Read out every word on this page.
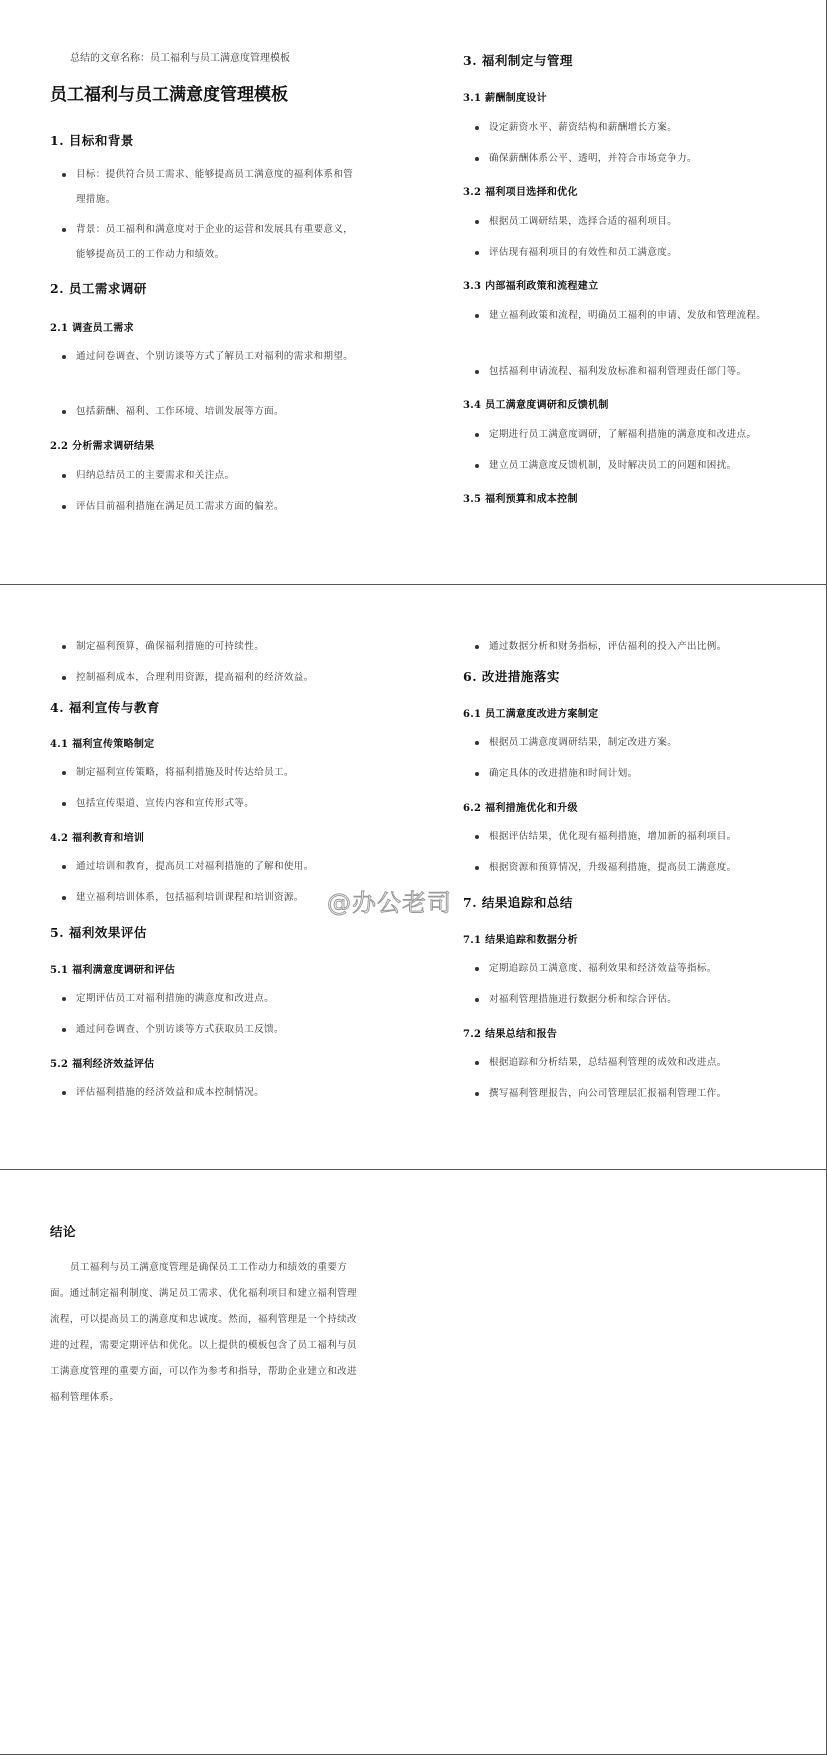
总结的文章名称：员工福利与员工满意度管理模板
员工福利与员工满意度管理模板
1. 目标和背景
目标：提供符合员工需求、能够提高员工满意度的福利体系和管理措施。
背景：员工福利和满意度对于企业的运营和发展具有重要意义，能够提高员工的工作动力和绩效。
2. 员工需求调研
2.1 调查员工需求
通过问卷调查、个别访谈等方式了解员工对福利的需求和期望。
包括薪酬、福利、工作环境、培训发展等方面。
2.2 分析需求调研结果
归纳总结员工的主要需求和关注点。
评估目前福利措施在满足员工需求方面的偏差。
3. 福利制定与管理
3.1 薪酬制度设计
设定薪资水平、薪资结构和薪酬增长方案。
确保薪酬体系公平、透明，并符合市场竞争力。
3.2 福利项目选择和优化
根据员工调研结果，选择合适的福利项目。
评估现有福利项目的有效性和员工满意度。
3.3 内部福利政策和流程建立
建立福利政策和流程，明确员工福利的申请、发放和管理流程。
包括福利申请流程、福利发放标准和福利管理责任部门等。
3.4 员工满意度调研和反馈机制
定期进行员工满意度调研，了解福利措施的满意度和改进点。
建立员工满意度反馈机制，及时解决员工的问题和困扰。
3.5 福利预算和成本控制
制定福利预算，确保福利措施的可持续性。
控制福利成本，合理利用资源，提高福利的经济效益。
4. 福利宣传与教育
4.1 福利宣传策略制定
制定福利宣传策略，将福利措施及时传达给员工。
包括宣传渠道、宣传内容和宣传形式等。
4.2 福利教育和培训
通过培训和教育，提高员工对福利措施的了解和使用。
建立福利培训体系，包括福利培训课程和培训资源。
5. 福利效果评估
5.1 福利满意度调研和评估
定期评估员工对福利措施的满意度和改进点。
通过问卷调查、个别访谈等方式获取员工反馈。
5.2 福利经济效益评估
评估福利措施的经济效益和成本控制情况。
通过数据分析和财务指标，评估福利的投入产出比例。
6. 改进措施落实
6.1 员工满意度改进方案制定
根据员工满意度调研结果，制定改进方案。
确定具体的改进措施和时间计划。
6.2 福利措施优化和升级
根据评估结果，优化现有福利措施，增加新的福利项目。
根据资源和预算情况，升级福利措施，提高员工满意度。
7. 结果追踪和总结
7.1 结果追踪和数据分析
定期追踪员工满意度、福利效果和经济效益等指标。
对福利管理措施进行数据分析和综合评估。
7.2 结果总结和报告
根据追踪和分析结果，总结福利管理的成效和改进点。
撰写福利管理报告，向公司管理层汇报福利管理工作。
结论
员工福利与员工满意度管理是确保员工工作动力和绩效的重要方面。通过制定福利制度、满足员工需求、优化福利项目和建立福利管理流程，可以提高员工的满意度和忠诚度。然而，福利管理是一个持续改进的过程，需要定期评估和优化。以上提供的模板包含了员工福利与员工满意度管理的重要方面，可以作为参考和指导，帮助企业建立和改进福利管理体系。
@办公老司
